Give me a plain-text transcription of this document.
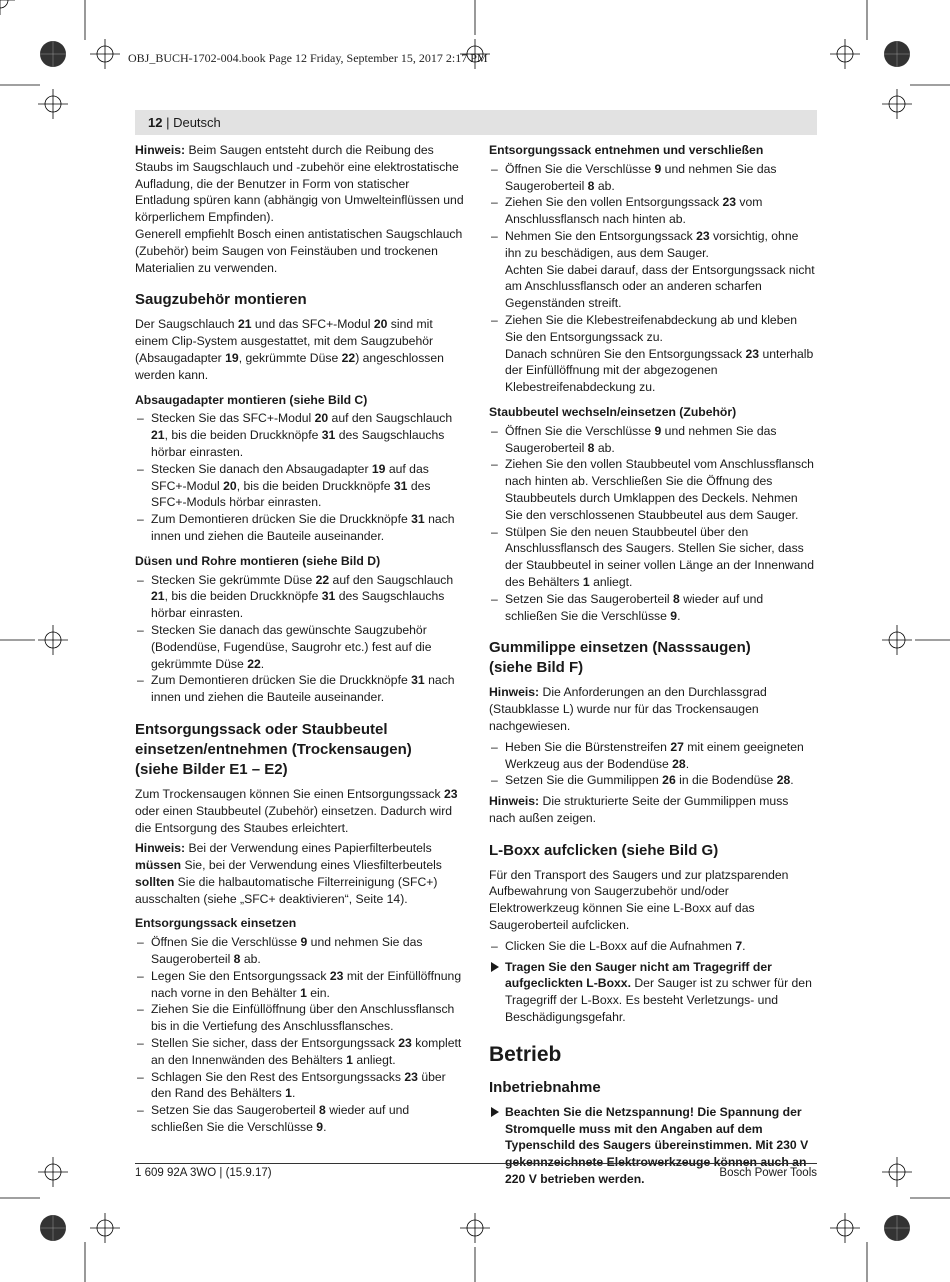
OBJ_BUCH-1702-004.book Page 12 Friday, September 15, 2017 2:17 PM
12 | Deutsch

Hinweis: Beim Saugen entsteht durch die Reibung des Staubs im Saugschlauch und -zubehör eine elektrostatische Aufladung, die der Benutzer in Form von statischer Entladung spüren kann (abhängig von Umwelteinflüssen und körperlichem Empfinden).
Generell empfiehlt Bosch einen antistatischen Saugschlauch (Zubehör) beim Saugen von Feinstäuben und trockenen Materialien zu verwenden.

Saugzubehör montieren

Der Saugschlauch 21 und das SFC+-Modul 20 sind mit einem Clip-System ausgestattet, mit dem Saugzubehör (Absaugadapter 19, gekrümmte Düse 22) angeschlossen werden kann.

Absaugadapter montieren (siehe Bild C)
– Stecken Sie das SFC+-Modul 20 auf den Saugschlauch 21, bis die beiden Druckknöpfe 31 des Saugschlauchs hörbar einrasten.
– Stecken Sie danach den Absaugadapter 19 auf das SFC+-Modul 20, bis die beiden Druckknöpfe 31 des SFC+-Moduls hörbar einrasten.
– Zum Demontieren drücken Sie die Druckknöpfe 31 nach innen und ziehen die Bauteile auseinander.
Düsen und Rohre montieren (siehe Bild D)
– Stecken Sie gekrümmte Düse 22 auf den Saugschlauch 21, bis die beiden Druckknöpfe 31 des Saugschlauchs hörbar einrasten.
– Stecken Sie danach das gewünschte Saugzubehör (Bodendüse, Fugendüse, Saugrohr etc.) fest auf die gekrümmte Düse 22.
– Zum Demontieren drücken Sie die Druckknöpfe 31 nach innen und ziehen die Bauteile auseinander.
Entsorgungssack oder Staubbeutel
einsetzen/entnehmen (Trockensaugen)
(siehe Bilder E1 – E2)

Zum Trockensaugen können Sie einen Entsorgungssack 23 oder einen Staubbeutel (Zubehör) einsetzen. Dadurch wird die Entsorgung des Staubes erleichtert.

Hinweis: Bei der Verwendung eines Papierfilterbeutels müssen Sie, bei der Verwendung eines Vliesfilterbeutels sollten Sie die halbautomatische Filterreinigung (SFC+) ausschalten (siehe „SFC+ deaktivieren“, Seite 14).

Entsorgungssack einsetzen
– Öffnen Sie die Verschlüsse 9 und nehmen Sie das Saugeroberteil 8 ab.
– Legen Sie den Entsorgungssack 23 mit der Einfüllöffnung nach vorne in den Behälter 1 ein.
– Ziehen Sie die Einfüllöffnung über den Anschlussflansch bis in die Vertiefung des Anschlussflansches.
– Stellen Sie sicher, dass der Entsorgungssack 23 komplett an den Innenwänden des Behälters 1 anliegt.
– Schlagen Sie den Rest des Entsorgungssacks 23 über den Rand des Behälters 1.
– Setzen Sie das Saugeroberteil 8 wieder auf und schließen Sie die Verschlüsse 9.
Entsorgungssack entnehmen und verschließen
– Öffnen Sie die Verschlüsse 9 und nehmen Sie das Saugeroberteil 8 ab.
– Ziehen Sie den vollen Entsorgungssack 23 vom Anschlussflansch nach hinten ab.
– Nehmen Sie den Entsorgungssack 23 vorsichtig, ohne ihn zu beschädigen, aus dem Sauger.
Achten Sie dabei darauf, dass der Entsorgungssack nicht am Anschlussflansch oder an anderen scharfen Gegenständen streift.
– Ziehen Sie die Klebestreifenabdeckung ab und kleben Sie den Entsorgungssack zu.
Danach schnüren Sie den Entsorgungssack 23 unterhalb der Einfüllöffnung mit der abgezogenen Klebestreifenabdeckung zu.
Staubbeutel wechseln/einsetzen (Zubehör)
– Öffnen Sie die Verschlüsse 9 und nehmen Sie das Saugeroberteil 8 ab.
– Ziehen Sie den vollen Staubbeutel vom Anschlussflansch nach hinten ab. Verschließen Sie die Öffnung des Staubbeutels durch Umklappen des Deckels. Nehmen Sie den verschlossenen Staubbeutel aus dem Sauger.
– Stülpen Sie den neuen Staubbeutel über den Anschlussflansch des Saugers. Stellen Sie sicher, dass der Staubbeutel in seiner vollen Länge an der Innenwand des Behälters 1 anliegt.
– Setzen Sie das Saugeroberteil 8 wieder auf und schließen Sie die Verschlüsse 9.
Gummilippe einsetzen (Nasssaugen)
(siehe Bild F)

Hinweis: Die Anforderungen an den Durchlassgrad (Staubklasse L) wurde nur für das Trockensaugen nachgewiesen.

– Heben Sie die Bürstenstreifen 27 mit einem geeigneten Werkzeug aus der Bodendüse 28.
– Setzen Sie die Gummilippen 26 in die Bodendüse 28.

Hinweis: Die strukturierte Seite der Gummilippen muss nach außen zeigen.

L-Boxx aufclicken (siehe Bild G)

Für den Transport des Saugers und zur platzsparenden Aufbewahrung von Saugerzubehör und/oder Elektrowerkzeug können Sie eine L-Boxx auf das Saugeroberteil aufclicken.

– Clicken Sie die L-Boxx auf die Aufnahmen 7.
Tragen Sie den Sauger nicht am Tragegriff der aufgeclickten L-Boxx. Der Sauger ist zu schwer für den Tragegriff der L-Boxx. Es besteht Verletzungs- und Beschädigungsgefahr.
Betrieb
Inbetriebnahme
Beachten Sie die Netzspannung! Die Spannung der Stromquelle muss mit den Angaben auf dem Typenschild des Saugers übereinstimmen. Mit 230 V gekennzeichnete Elektrowerkzeuge können auch an 220 V betrieben werden.
1 609 92A 3WO | (15.9.17)	Bosch Power Tools
